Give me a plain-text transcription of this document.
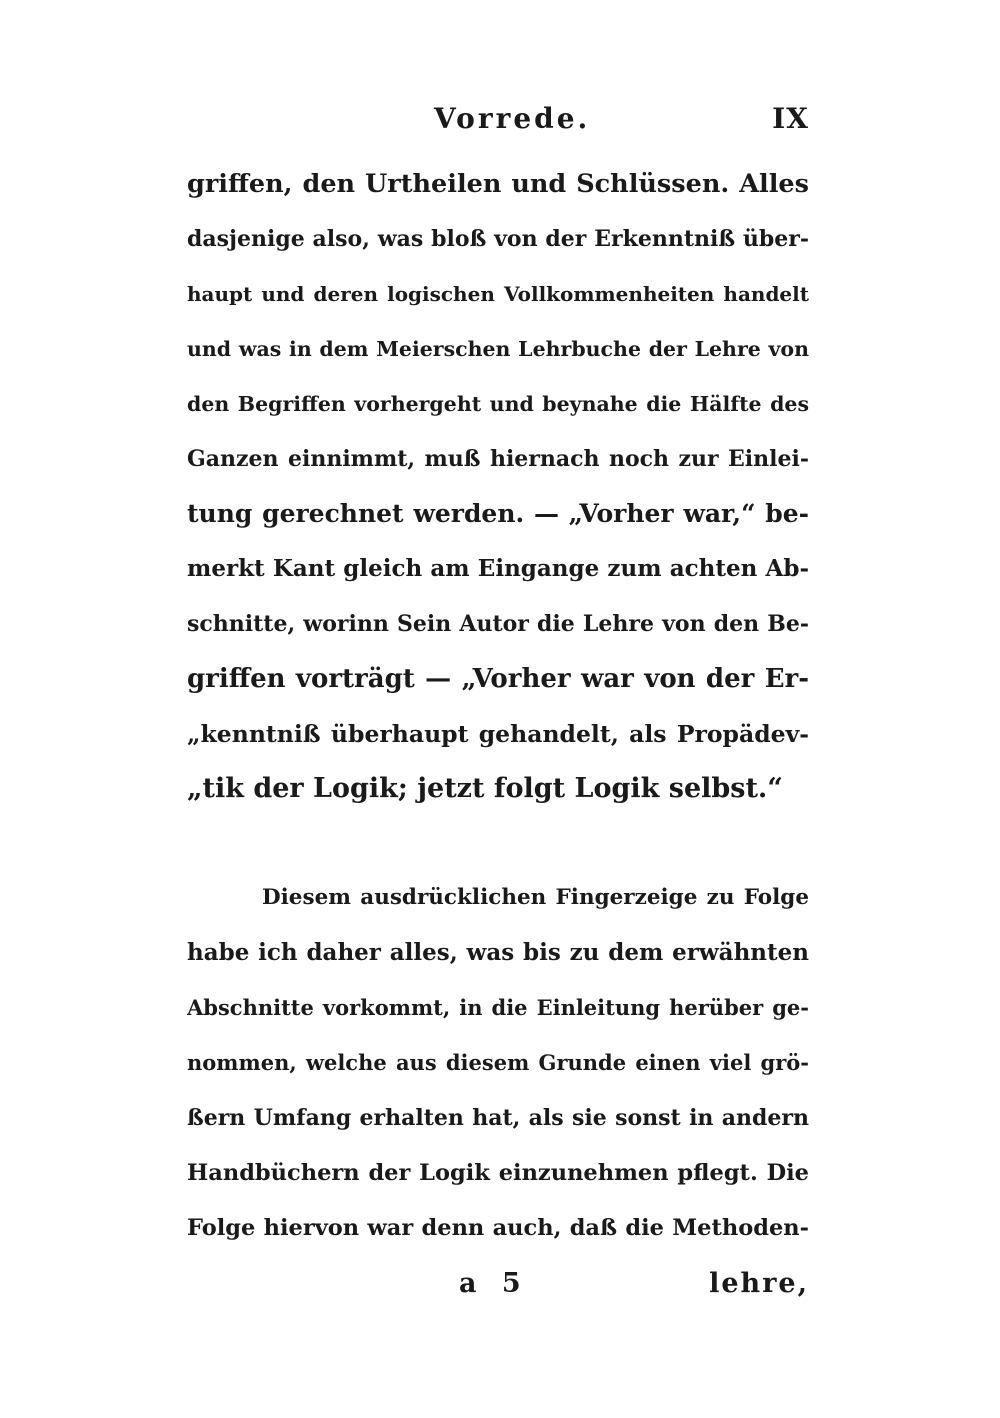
Vorrede.	IX
griffen, den Urtheilen und Schlüssen. Alles
dasjenige also, was bloß von der Erkenntniß über-
haupt und deren logischen Vollkommenheiten handelt
und was in dem Meierschen Lehrbuche der Lehre von
den Begriffen vorhergeht und beynahe die Hälfte des
Ganzen einnimmt, muß hiernach noch zur Einlei-
tung gerechnet werden. — „Vorher war,“ be-
merkt Kant gleich am Eingange zum achten Ab-
schnitte, worinn Sein Autor die Lehre von den Be-
griffen vorträgt — „Vorher war von der Er-
„kenntniß überhaupt gehandelt, als Propädev-
„tik der Logik; jetzt folgt Logik selbst.“
Diesem ausdrücklichen Fingerzeige zu Folge
habe ich daher alles, was bis zu dem erwähnten
Abschnitte vorkommt, in die Einleitung herüber ge-
nommen, welche aus diesem Grunde einen viel grö-
ßern Umfang erhalten hat, als sie sonst in andern
Handbüchern der Logik einzunehmen pflegt. Die
Folge hiervon war denn auch, daß die Methoden-
a 5	lehre,
